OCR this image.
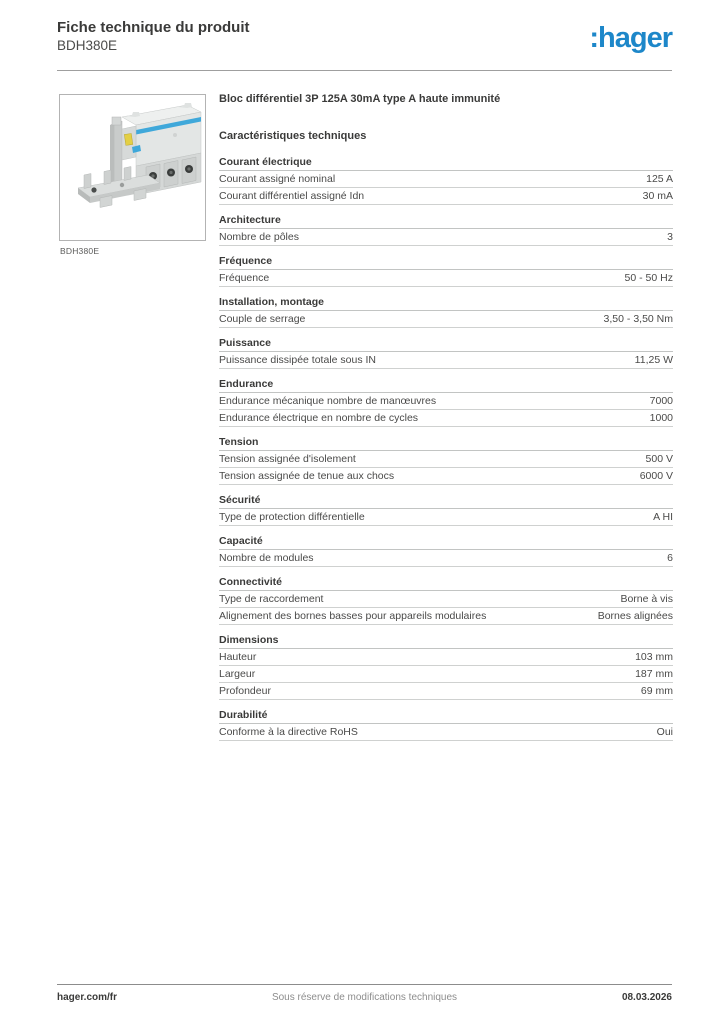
Fiche technique du produit
BDH380E	:hager
BDH380E
Bloc différentiel 3P 125A 30mA type A haute immunité
Caractéristiques techniques
Courant électrique
Courant assigné nominal	125 A
Courant différentiel assigné Idn	30 mA
Architecture
Nombre de pôles	3
Fréquence
Fréquence	50 - 50 Hz
Installation, montage
Couple de serrage	3,50 - 3,50 Nm
Puissance
Puissance dissipée totale sous IN	11,25 W
Endurance
Endurance mécanique nombre de manœuvres	7000
Endurance électrique en nombre de cycles	1000
Tension
Tension assignée d'isolement	500 V
Tension assignée de tenue aux chocs	6000 V
Sécurité
Type de protection différentielle	A HI
Capacité
Nombre de modules	6
Connectivité
Type de raccordement	Borne à vis
Alignement des bornes basses pour appareils modulaires	Bornes alignées
Dimensions
Hauteur	103 mm
Largeur	187 mm
Profondeur	69 mm
Durabilité
Conforme à la directive RoHS	Oui
Sous réserve de modifications techniques
hager.com/fr	08.03.2026
